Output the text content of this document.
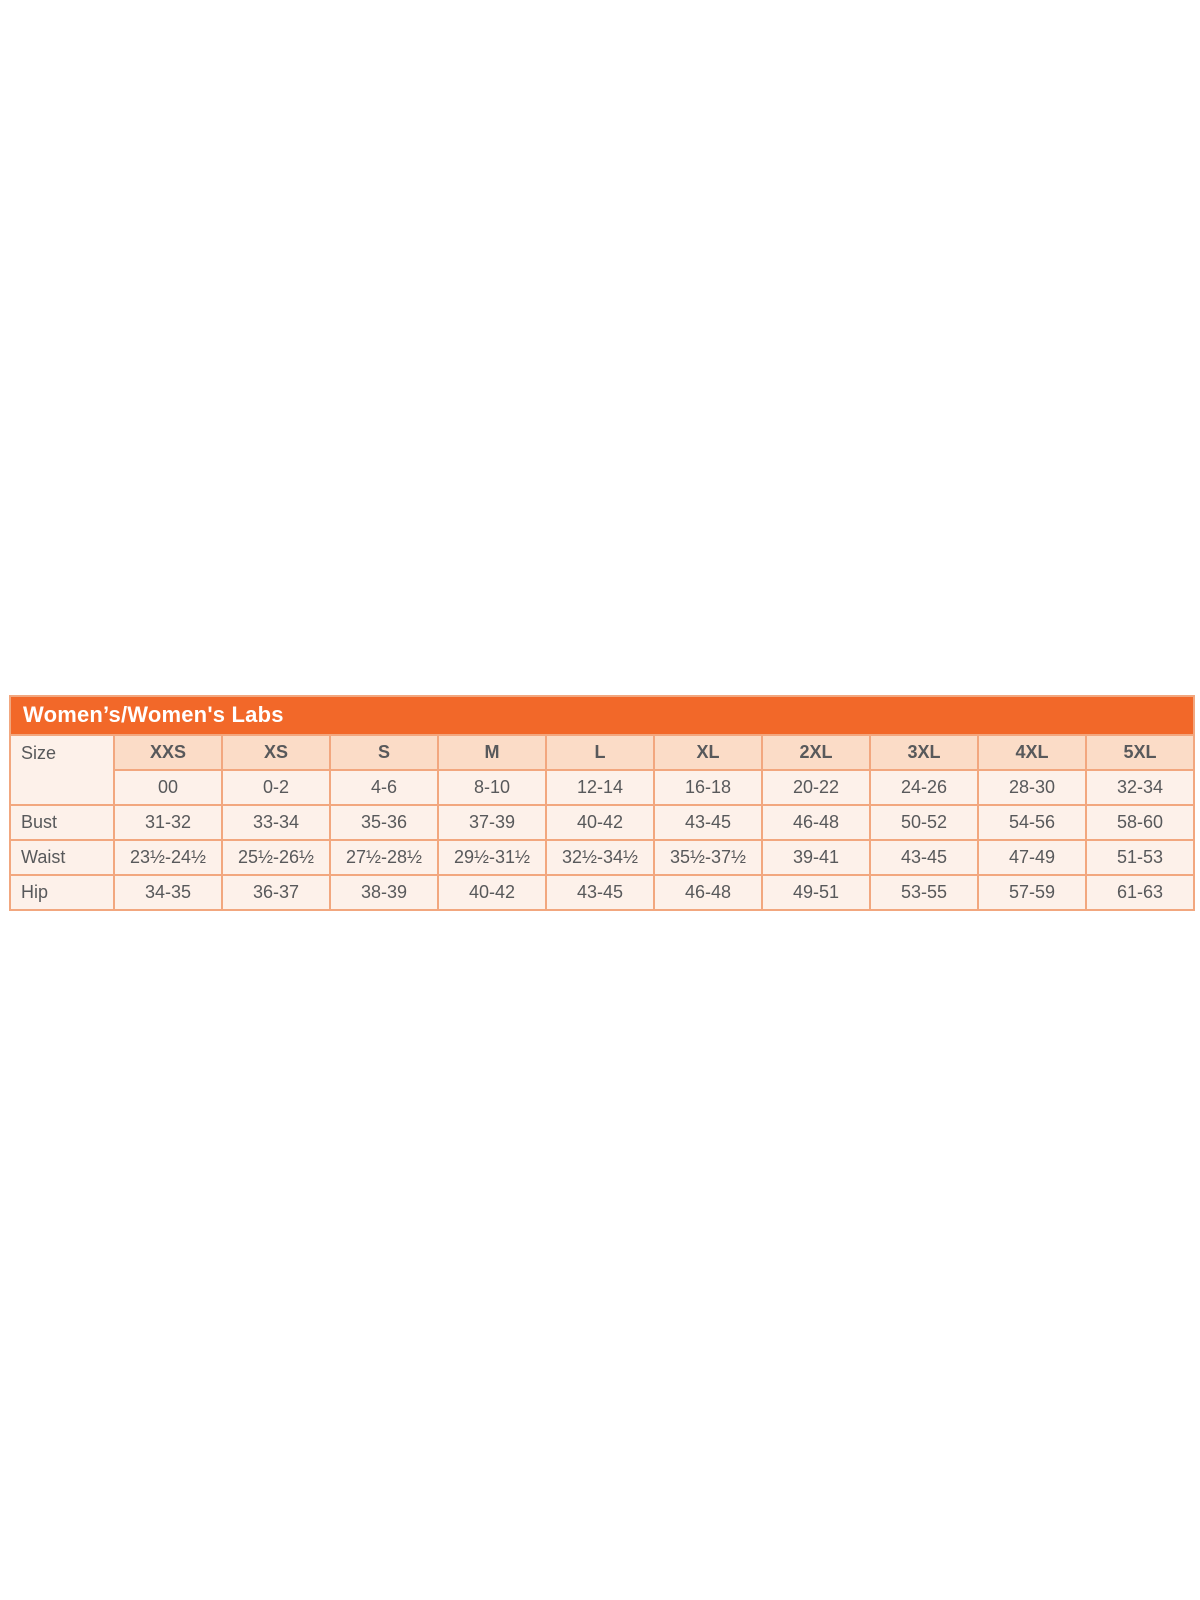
Women’s/Women's Labs										
Size	XXS	XS	S	M	L	XL	2XL	3XL	4XL	5XL
	00	0-2	4-6	8-10	12-14	16-18	20-22	24-26	28-30	32-34
Bust	31-32	33-34	35-36	37-39	40-42	43-45	46-48	50-52	54-56	58-60
Waist	23½-24½	25½-26½	27½-28½	29½-31½	32½-34½	35½-37½	39-41	43-45	47-49	51-53
Hip	34-35	36-37	38-39	40-42	43-45	46-48	49-51	53-55	57-59	61-63
